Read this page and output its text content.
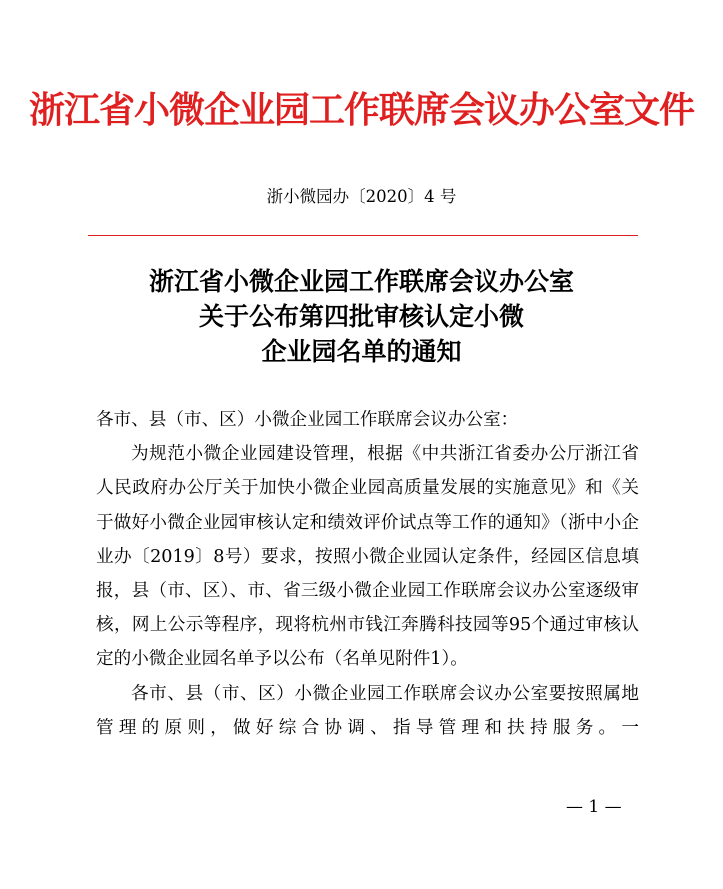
浙江省小微企业园工作联席会议办公室文件
浙小微园办〔2020〕4 号
浙江省小微企业园工作联席会议办公室
关于公布第四批审核认定小微
企业园名单的通知

各市、县（市、区）小微企业园工作联席会议办公室：

为规范小微企业园建设管理，根据《中共浙江省委办公厅浙江省人民政府办公厅关于加快小微企业园高质量发展的实施意见》和《关于做好小微企业园审核认定和绩效评价试点等工作的通知》（浙中小企业办〔2019〕8号）要求，按照小微企业园认定条件，经园区信息填报，县（市、区）、市、省三级小微企业园工作联席会议办公室逐级审核，网上公示等程序，现将杭州市钱江奔腾科技园等95个通过审核认定的小微企业园名单予以公布（名单见附件1）。

各市、县（市、区）小微企业园工作联席会议办公室要按照属地管理的原则，做好综合协调、指导管理和扶持服务。一

— 1 —
